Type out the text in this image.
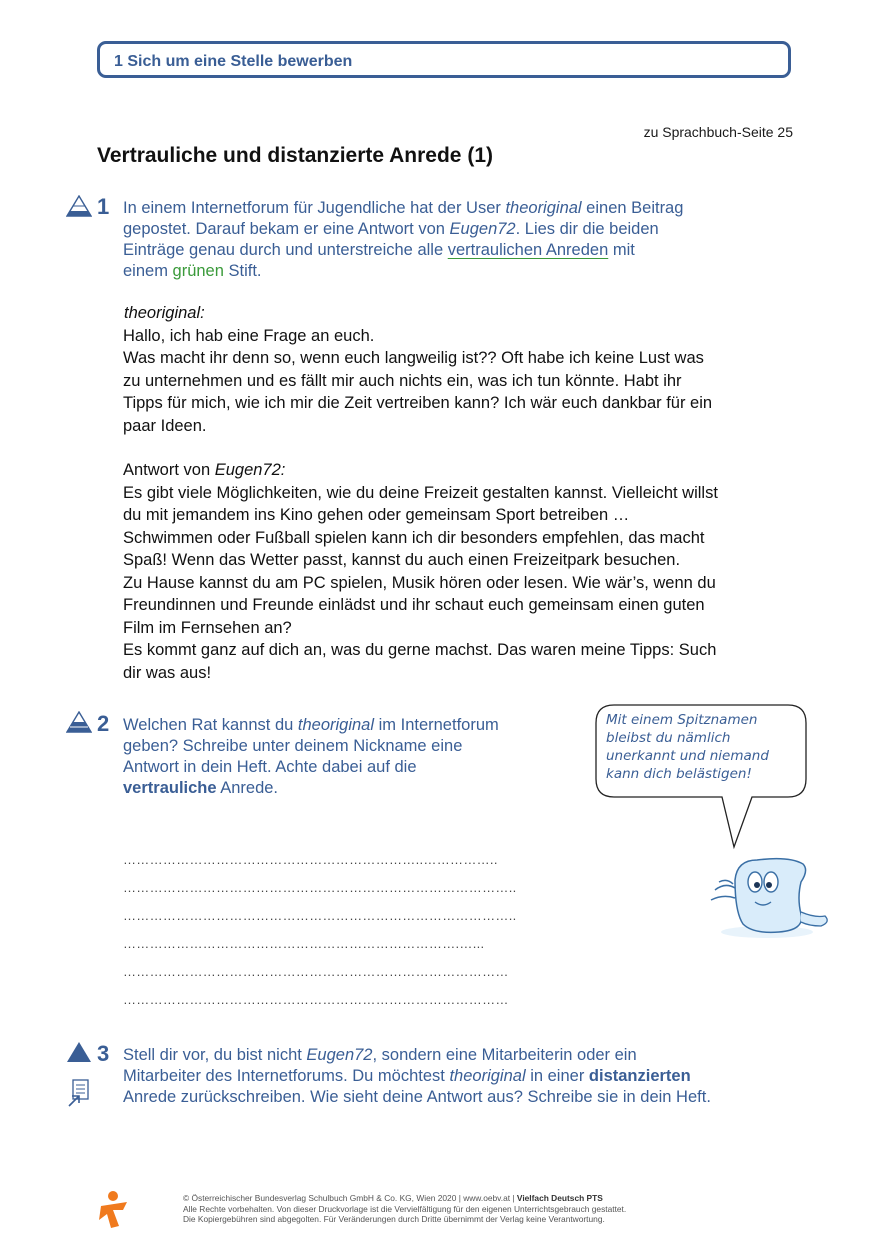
1 Sich um eine Stelle bewerben
zu Sprachbuch-Seite 25
Vertrauliche und distanzierte Anrede (1)
1 In einem Internetforum für Jugendliche hat der User theoriginal einen Beitrag
gepostet. Darauf bekam er eine Antwort von Eugen72. Lies dir die beiden
Einträge genau durch und unterstreiche alle vertraulichen Anreden mit
einem grünen Stift.
theoriginal:
Hallo, ich hab eine Frage an euch.
Was macht ihr denn so, wenn euch langweilig ist?? Oft habe ich keine Lust was
zu unternehmen und es fällt mir auch nichts ein, was ich tun könnte. Habt ihr
Tipps für mich, wie ich mir die Zeit vertreiben kann? Ich wär euch dankbar für ein
paar Ideen.
Antwort von Eugen72:
Es gibt viele Möglichkeiten, wie du deine Freizeit gestalten kannst. Vielleicht willst
du mit jemandem ins Kino gehen oder gemeinsam Sport betreiben …
Schwimmen oder Fußball spielen kann ich dir besonders empfehlen, das macht
Spaß! Wenn das Wetter passt, kannst du auch einen Freizeitpark besuchen.
Zu Hause kannst du am PC spielen, Musik hören oder lesen. Wie wär’s, wenn du
Freundinnen und Freunde einlädst und ihr schaut euch gemeinsam einen guten
Film im Fernsehen an?
Es kommt ganz auf dich an, was du gerne machst. Das waren meine Tipps: Such
dir was aus!
2 Welchen Rat kannst du theoriginal im Internetforum
geben? Schreibe unter deinem Nickname eine
Antwort in dein Heft. Achte dabei auf die
vertrauliche Anrede.
Mit einem Spitznamen
bleibst du nämlich
unerkannt und niemand
kann dich belästigen!
…………………………………………………………..……………..
……………………………………………………………………………..
……………………………………………………………………………..
………………………………………………………………….…...
……………………………………………………………………………
……………………………………………………………………………
3 Stell dir vor, du bist nicht Eugen72, sondern eine Mitarbeiterin oder ein
Mitarbeiter des Internetforums. Du möchtest theoriginal in einer distanzierten
Anrede zurückschreiben. Wie sieht deine Antwort aus? Schreibe sie in dein Heft.
© Österreichischer Bundesverlag Schulbuch GmbH & Co. KG, Wien 2020 | www.oebv.at | Vielfach Deutsch PTS
Alle Rechte vorbehalten. Von dieser Druckvorlage ist die Vervielfältigung für den eigenen Unterrichtsgebrauch gestattet.
Die Kopiergebühren sind abgegolten. Für Veränderungen durch Dritte übernimmt der Verlag keine Verantwortung.
